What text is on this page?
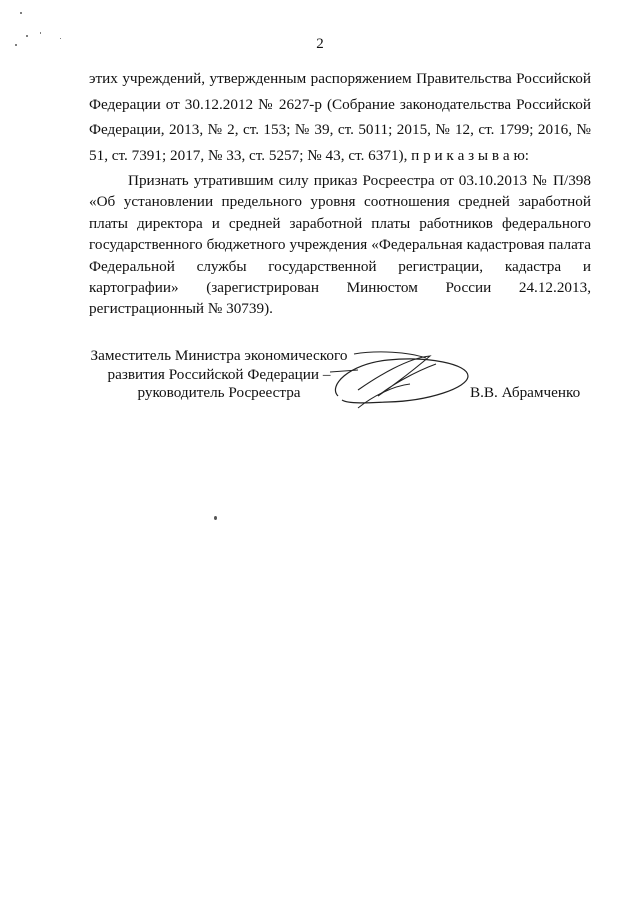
2

этих учреждений, утвержденным распоряжением Правительства Российской Федерации от 30.12.2012 № 2627-р (Собрание законодательства Российской Федерации, 2013, № 2, ст. 153; № 39, ст. 5011; 2015, № 12, ст. 1799; 2016, № 51, ст. 7391; 2017, № 33, ст. 5257; № 43, ст. 6371), п р и к а з ы в а ю:

Признать утратившим силу приказ Росреестра от 03.10.2013 № П/398 «Об установлении предельного уровня соотношения средней заработной платы директора и средней заработной платы работников федерального государственного бюджетного учреждения «Федеральная кадастровая палата Федеральной службы государственной регистрации, кадастра и картографии» (зарегистрирован Минюстом России 24.12.2013, регистрационный № 30739).

Заместитель Министра экономического
развития Российской Федерации –
руководитель Росреестра	В.В. Абрамченко
